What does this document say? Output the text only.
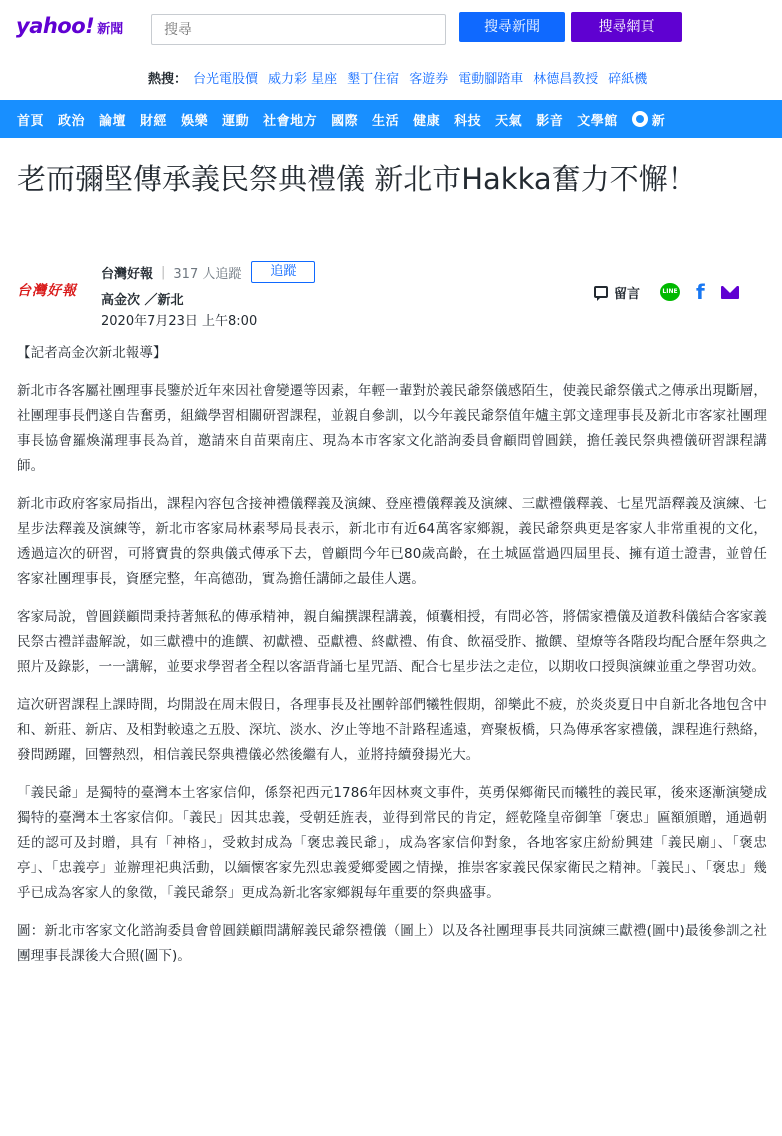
yahoo! 新聞
搜尋	搜尋新聞	搜尋網頁
熱搜： 台光電股價 威力彩 星座 墾丁住宿 客遊券 電動腳踏車 林德昌教授 碎紙機
首頁 政治 論壇 財經 娛樂 運動 社會地方 國際 生活 健康 科技 天氣 影音 文學館	新
老而彌堅傳承義民祭典禮儀 新北市Hakka奮力不懈！
台灣好報
台灣好報 | 317 人追蹤	追蹤
高金次 ／新北
2020年7月23日 上午8:00
留言	LINE f

【記者高金次新北報導】

新北市各客屬社團理事長鑒於近年來因社會變遷等因素，年輕一輩對於義民爺祭儀感陌生，使義民爺祭儀式之傳承出現斷層，社團理事長們遂自告奮勇，組織學習相關研習課程，並親自參訓，以今年義民爺祭值年爐主郭文達理事長及新北市客家社團理事長協會羅煥滿理事長為首，邀請來自苗栗南庄、現為本市客家文化諮詢委員會顧問曾圓鎂，擔任義民祭典禮儀研習課程講師。

新北市政府客家局指出，課程內容包含接神禮儀釋義及演練、登座禮儀釋義及演練、三獻禮儀釋義、七星咒語釋義及演練、七星步法釋義及演練等，新北市客家局林素琴局長表示，新北市有近64萬客家鄉親，義民爺祭典更是客家人非常重視的文化，透過這次的研習，可將寶貴的祭典儀式傳承下去，曾顧問今年已80歲高齡，在土城區當過四屆里長、擁有道士證書，並曾任客家社團理事長，資歷完整，年高德劭，實為擔任講師之最佳人選。

客家局說，曾圓鎂顧問秉持著無私的傳承精神，親自編撰課程講義，傾囊相授，有問必答，將儒家禮儀及道教科儀結合客家義民祭古禮詳盡解說，如三獻禮中的進饌、初獻禮、亞獻禮、終獻禮、侑食、飲福受胙、撤饌、望燎等各階段均配合歷年祭典之照片及錄影，一一講解，並要求學習者全程以客語背誦七星咒語、配合七星步法之走位，以期收口授與演練並重之學習功效。

這次研習課程上課時間，均開設在周末假日，各理事長及社團幹部們犧牲假期，卻樂此不疲，於炎炎夏日中自新北各地包含中和、新莊、新店、及相對較遠之五股、深坑、淡水、汐止等地不計路程遙遠，齊聚板橋，只為傳承客家禮儀，課程進行熱絡，發問踴躍，回響熱烈，相信義民祭典禮儀必然後繼有人，並將持續發揚光大。

「義民爺」是獨特的臺灣本土客家信仰，係祭祀西元1786年因林爽文事件，英勇保鄉衛民而犧牲的義民軍，後來逐漸演變成獨特的臺灣本土客家信仰。「義民」因其忠義，受朝廷旌表，並得到常民的肯定，經乾隆皇帝御筆「褒忠」匾額頒贈，通過朝廷的認可及封贈，具有「神格」，受敕封成為「褒忠義民爺」，成為客家信仰對象，各地客家庄紛紛興建「義民廟」、「褒忠亭」、「忠義亭」並辦理祀典活動，以緬懷客家先烈忠義愛鄉愛國之情操，推崇客家義民保家衛民之精神。「義民」、「褒忠」幾乎已成為客家人的象徵，「義民爺祭」更成為新北客家鄉親每年重要的祭典盛事。

圖：新北市客家文化諮詢委員會曾圓鎂顧問講解義民爺祭禮儀（圖上）以及各社團理事長共同演練三獻禮(圖中)最後參訓之社團理事長課後大合照(圖下)。
